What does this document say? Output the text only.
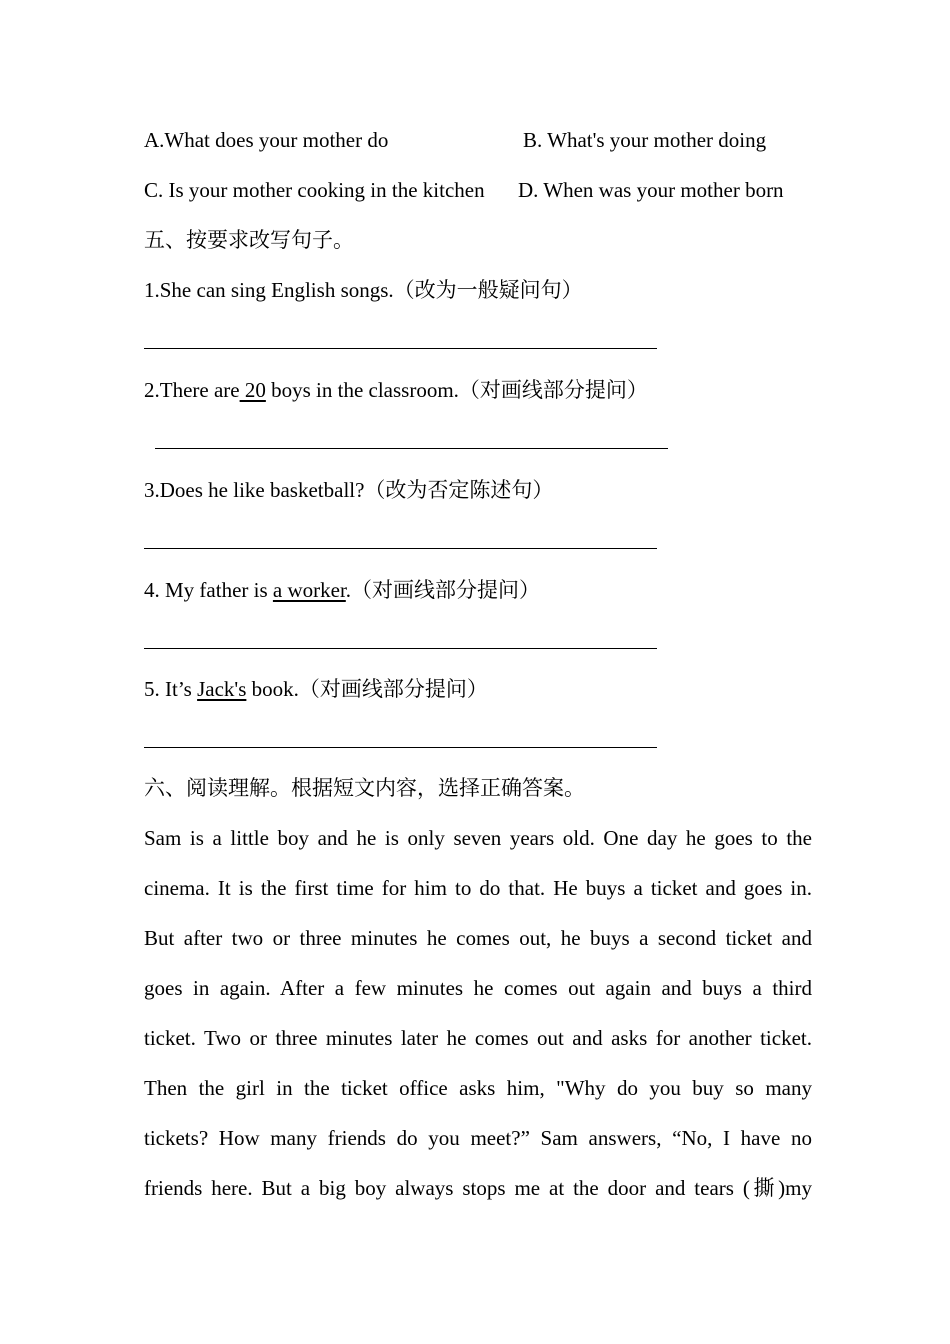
A.What does your mother do	B. What's your mother doing
C. Is your mother cooking in the kitchen D. When was your mother born
五、按要求改写句子。
1.She can sing English songs.（改为一般疑问句）
2.There are 20 boys in the classroom.（对画线部分提问）
3.Does he like basketball?（改为否定陈述句）
4. My father is a worker.（对画线部分提问）
5. It’s Jack's book.（对画线部分提问）
六、阅读理解。根据短文内容，选择正确答案。
Sam is a little boy and he is only seven years old. One day he goes to the
cinema. It is the first time for him to do that. He buys a ticket and goes in.
But after two or three minutes he comes out, he buys a second ticket and
goes in again. After a few minutes he comes out again and buys a third
ticket. Two or three minutes later he comes out and asks for another ticket.
Then the girl in the ticket office asks him, "Why do you buy so many
tickets? How many friends do you meet?” Sam answers, “No, I have no
friends here. But a big boy always stops me at the door and tears (撕)my
